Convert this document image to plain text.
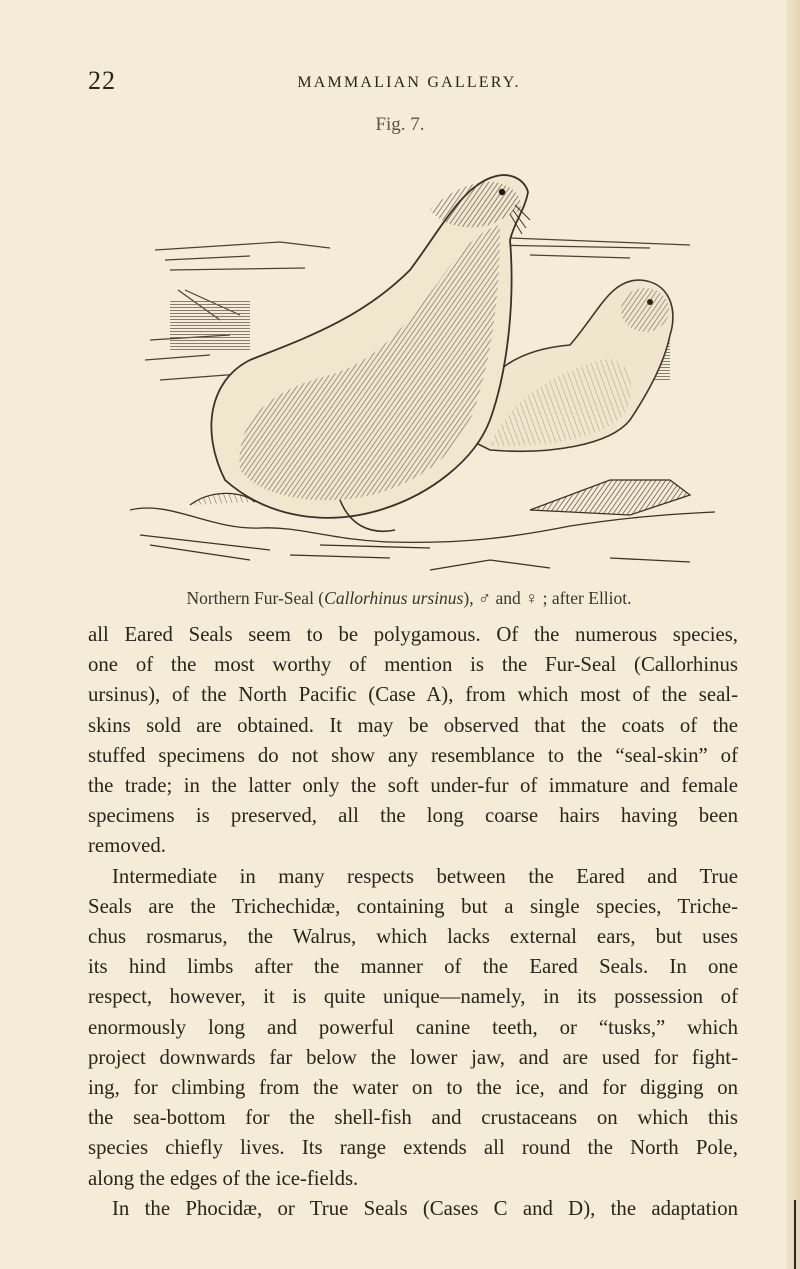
22	MAMMALIAN GALLERY.
Fig. 7.
Northern Fur-Seal (Callorhinus ursinus), ♂ and ♀ ; after Elliot.

all Eared Seals seem to be polygamous. Of the numerous species,
one of the most worthy of mention is the Fur-Seal (Callorhinus
ursinus), of the North Pacific (Case A), from which most of the seal-
skins sold are obtained. It may be observed that the coats of the
stuffed specimens do not show any resemblance to the “seal-skin” of
the trade; in the latter only the soft under-fur of immature and female
specimens is preserved, all the long coarse hairs having been
removed.

Intermediate in many respects between the Eared and True
Seals are the Trichechidæ, containing but a single species, Triche-
chus rosmarus, the Walrus, which lacks external ears, but uses
its hind limbs after the manner of the Eared Seals. In one
respect, however, it is quite unique—namely, in its possession of
enormously long and powerful canine teeth, or “tusks,” which
project downwards far below the lower jaw, and are used for fight-
ing, for climbing from the water on to the ice, and for digging on
the sea-bottom for the shell-fish and crustaceans on which this
species chiefly lives. Its range extends all round the North Pole,
along the edges of the ice-fields.

In the Phocidæ, or True Seals (Cases C and D), the adaptation
